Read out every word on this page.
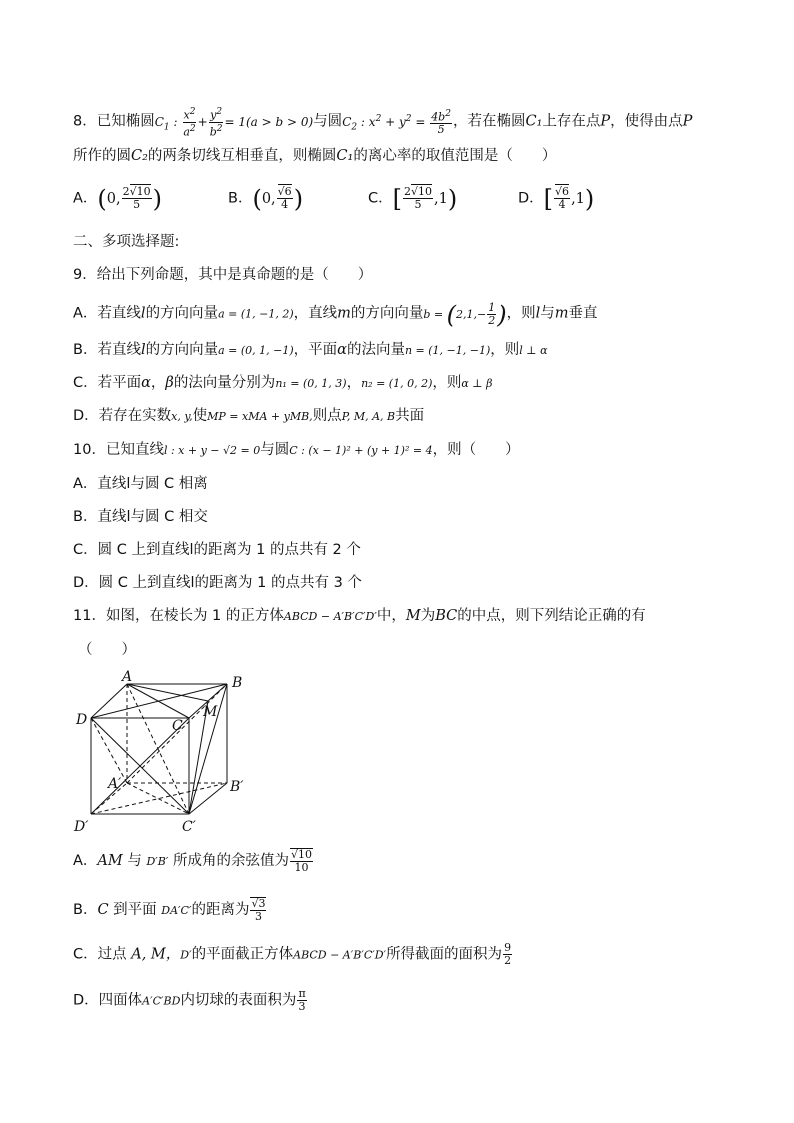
8．已知椭圆$C_1$ : $\frac{x^2}{a^2} + \frac{y^2}{b^2} = 1(a > b > 0)$与圆$C_2$ : $x^2 + y^2 = \frac{4b^2}{5}$ ，若在椭圆C₁上存在点P，使得由点P
所作的圆C₂的两条切线互相垂直，则椭圆C₁的离心率的取值范围是（　　）
A．(0, $\frac{2√10}{5}$ )	B．(0, $\frac{√6}{4}$ )	C．[ $\frac{2√10}{5} ,1$)	D．[ $\frac{√6}{4} ,1$)
二、多项选择题:
9．给出下列命题，其中是真命题的是（　　）
A．若直线l的方向向量a = (1, −1, 2)，直线m的方向向量$b = (2,1,- \frac{1}{2}$ )，则l与m垂直
B．若直线l的方向向量a = (0, 1, −1)，平面α的法向量n = (1, −1, −1)，则l ⊥ α
C．若平面α，β的法向量分别为n₁ = (0, 1, 3)，n₂ = (1, 0, 2)，则α ⊥ β
D．若存在实数x, y,使MP = xMA + yMB,则点P, M, A, B共面
10．已知直线l : x + y − √2 = 0与圆C : (x − 1)² + (y + 1)² = 4，则（　　）
A．直线l与圆 C 相离
B．直线l与圆 C 相交
C．圆 C 上到直线l的距离为 1 的点共有 2 个
D．圆 C 上到直线l的距离为 1 的点共有 3 个
11．如图，在棱长为 1 的正方体ABCD − A′B′C′D′中，M为BC的中点，则下列结论正确的有
（　　）
A	B
D	C
M
A′	B′
D′	C′
A．AM 与 D′B′ 所成角的余弦值为 $\frac{√10}{10}$
B．C 到平面 DA′C′的距离为 $\frac{√3}{3}$
C．过点 A, M，D′的平面截正方体ABCD − A′B′C′D′所得截面的面积为 $\frac{9}{2}$
D．四面体A′C′BD内切球的表面积为 $\frac{\pi}{3}$
